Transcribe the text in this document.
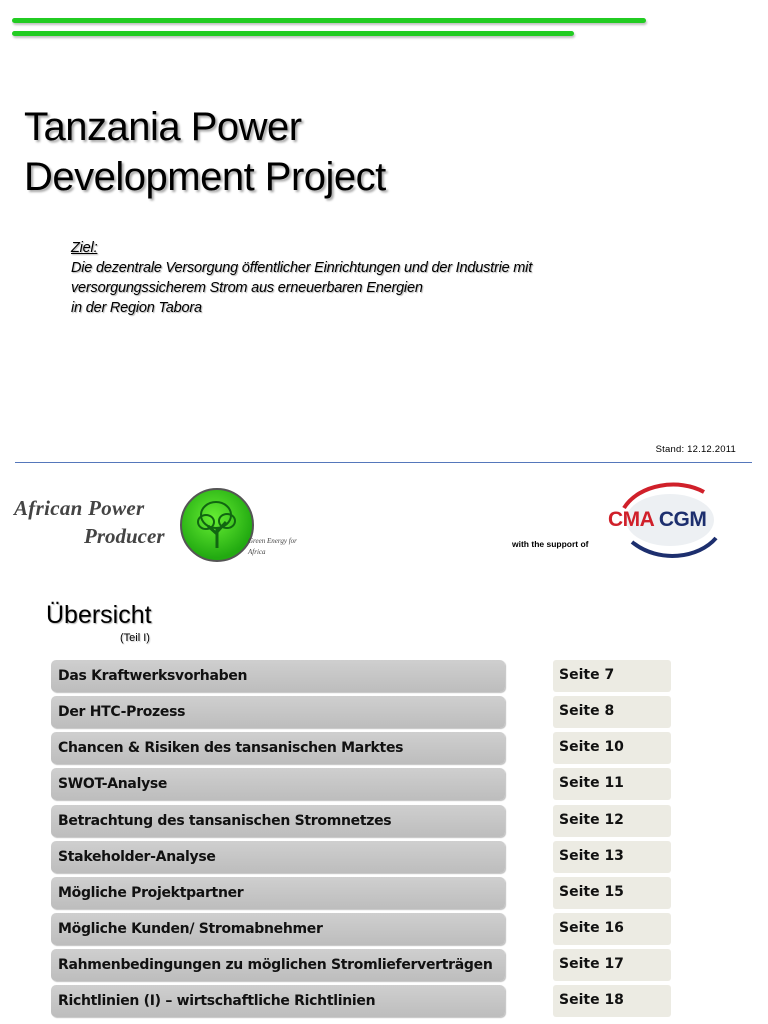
Tanzania Power
Development Project
Ziel:
Die dezentrale Versorgung öffentlicher Einrichtungen und der Industrie mit
versorgungssicherem Strom aus erneuerbaren Energien
in der Region Tabora
Stand: 12.12.2011
African Power
Producer	Green Energy for
Africa
with the support of
CMA CGM
Übersicht
(Teil I)
Das Kraftwerksvorhaben	Seite 7
Der HTC-Prozess	Seite 8
Chancen & Risiken des tansanischen Marktes	Seite 10
SWOT-Analyse	Seite 11
Betrachtung des tansanischen Stromnetzes	Seite 12
Stakeholder-Analyse	Seite 13
Mögliche Projektpartner	Seite 15
Mögliche Kunden/ Stromabnehmer	Seite 16
Rahmenbedingungen zu möglichen Stromlieferverträgen	Seite 17
Richtlinien (I) – wirtschaftliche Richtlinien	Seite 18
